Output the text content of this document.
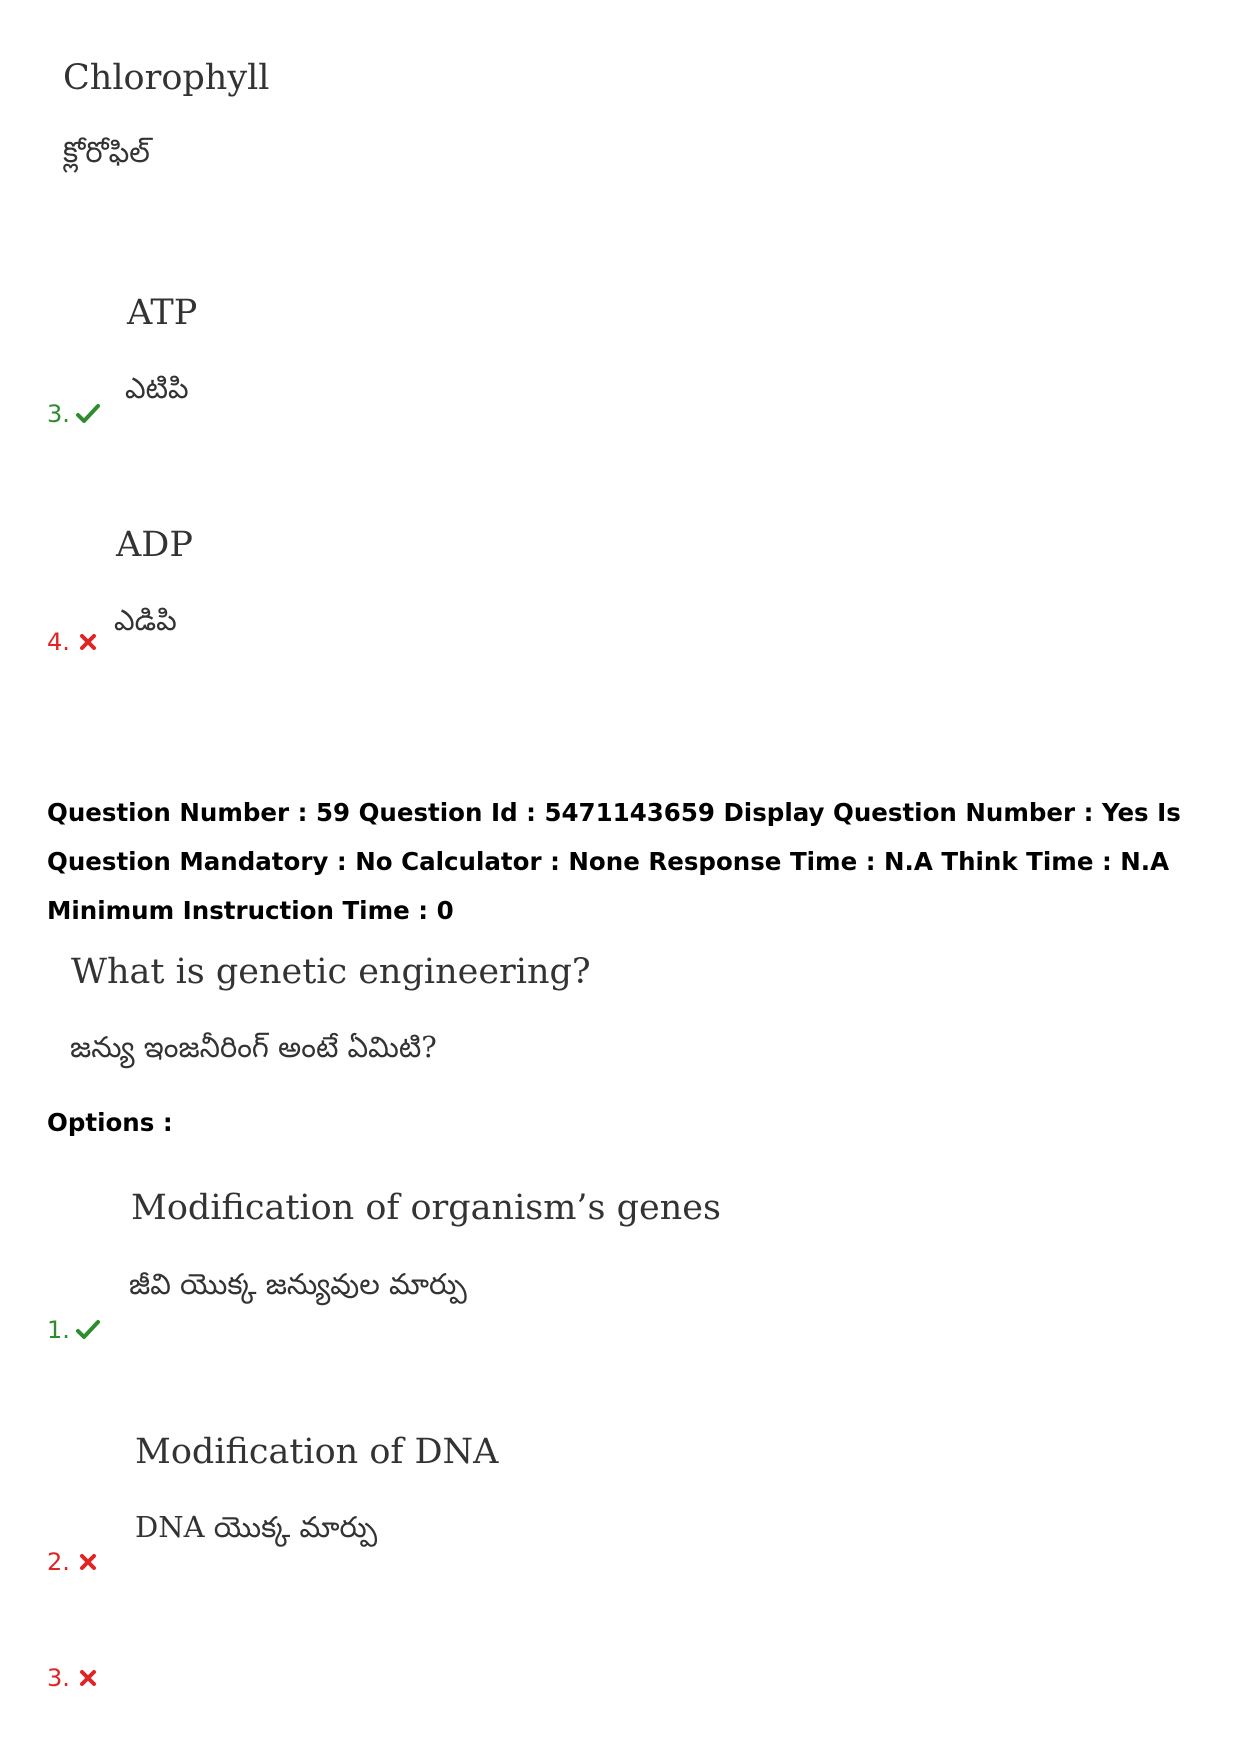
Chlorophyll
క్లోరోఫిల్
ATP
ఎటిపి
3.
ADP
ఎడిపి
4.
Question Number : 59 Question Id : 5471143659 Display Question Number : Yes Is Question Mandatory : No Calculator : None Response Time : N.A Think Time : N.A Minimum Instruction Time : 0
What is genetic engineering?
జన్యు ఇంజనీరింగ్ అంటే ఏమిటి?
Options :
Modification of organism’s genes
జీవి యొక్క జన్యువుల మార్పు
1.
Modification of DNA
DNA యొక్క మార్పు
2.
3.
